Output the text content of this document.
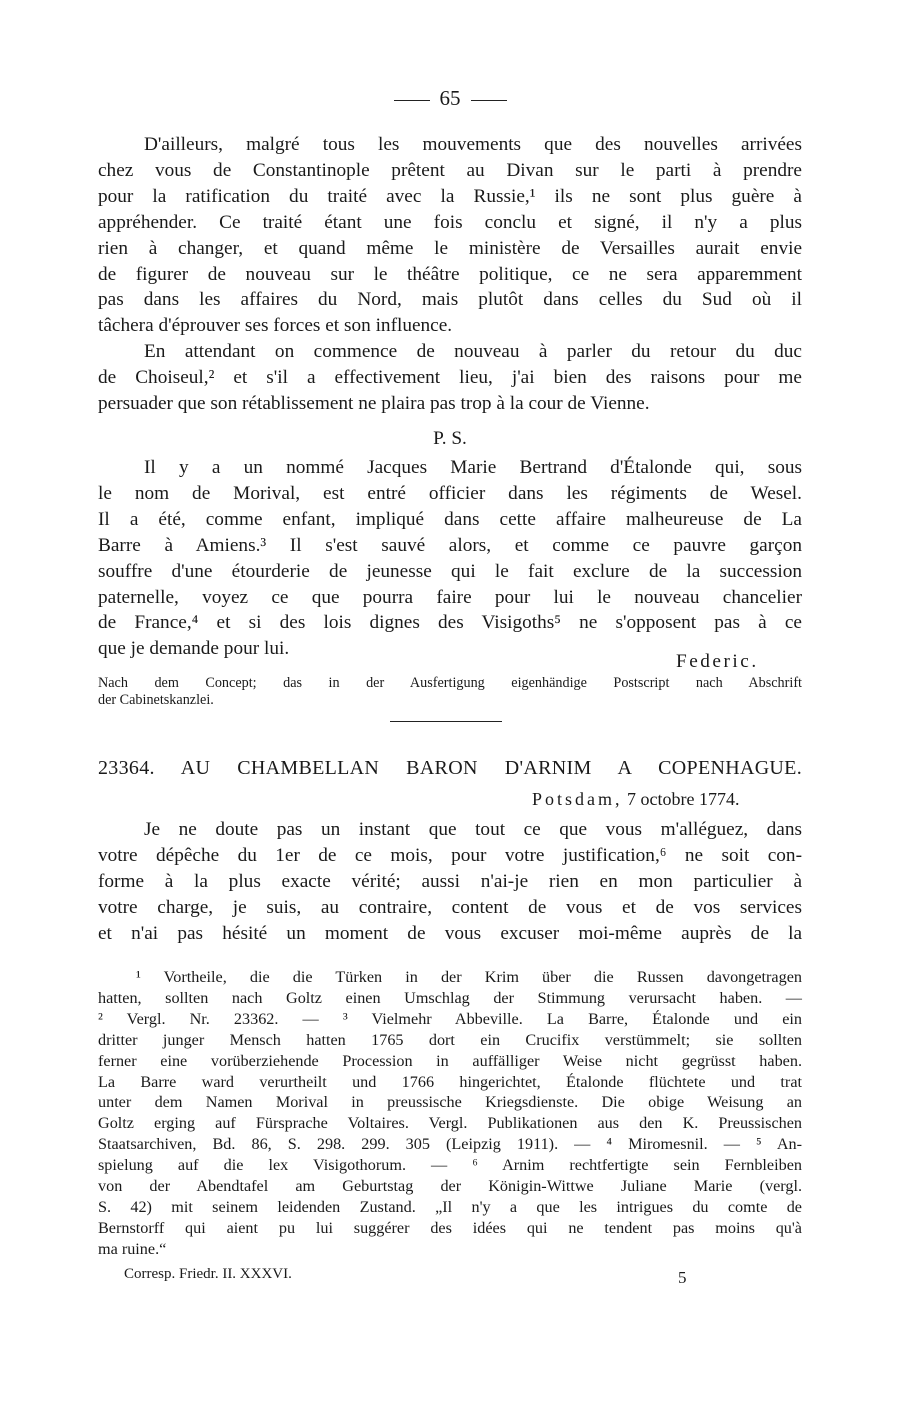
65
D'ailleurs, malgré tous les mouvements que des nouvelles arrivées
chez vous de Constantinople prêtent au Divan sur le parti à prendre
pour la ratification du traité avec la Russie,¹ ils ne sont plus guère à
appréhender. Ce traité étant une fois conclu et signé, il n'y a plus
rien à changer, et quand même le ministère de Versailles aurait envie
de figurer de nouveau sur le théâtre politique, ce ne sera apparemment
pas dans les affaires du Nord, mais plutôt dans celles du Sud où il
tâchera d'éprouver ses forces et son influence.
En attendant on commence de nouveau à parler du retour du duc
de Choiseul,² et s'il a effectivement lieu, j'ai bien des raisons pour me
persuader que son rétablissement ne plaira pas trop à la cour de Vienne.
P. S.
Il y a un nommé Jacques Marie Bertrand d'Étalonde qui, sous
le nom de Morival, est entré officier dans les régiments de Wesel.
Il a été, comme enfant, impliqué dans cette affaire malheureuse de La
Barre à Amiens.³ Il s'est sauvé alors, et comme ce pauvre garçon
souffre d'une étourderie de jeunesse qui le fait exclure de la succession
paternelle, voyez ce que pourra faire pour lui le nouveau chancelier
de France,⁴ et si des lois dignes des Visigoths⁵ ne s'opposent pas à ce
que je demande pour lui.
Federic.
Nach dem Concept; das in der Ausfertigung eigenhändige Postscript nach Abschrift
der Cabinetskanzlei.
23364. AU CHAMBELLAN BARON D'ARNIM A COPENHAGUE.
Potsdam, 7 octobre 1774.
Je ne doute pas un instant que tout ce que vous m'alléguez, dans
votre dépêche du 1er de ce mois, pour votre justification,⁶ ne soit con-
forme à la plus exacte vérité; aussi n'ai-je rien en mon particulier à
votre charge, je suis, au contraire, content de vous et de vos services
et n'ai pas hésité un moment de vous excuser moi-même auprès de la
¹ Vortheile, die die Türken in der Krim über die Russen davongetragen
hatten, sollten nach Goltz einen Umschlag der Stimmung verursacht haben. —
² Vergl. Nr. 23362. — ³ Vielmehr Abbeville. La Barre, Étalonde und ein
dritter junger Mensch hatten 1765 dort ein Crucifix verstümmelt; sie sollten
ferner eine vorüberziehende Procession in auffälliger Weise nicht gegrüsst haben.
La Barre ward verurtheilt und 1766 hingerichtet, Étalonde flüchtete und trat
unter dem Namen Morival in preussische Kriegsdienste. Die obige Weisung an
Goltz erging auf Fürsprache Voltaires. Vergl. Publikationen aus den K. Preussischen
Staatsarchiven, Bd. 86, S. 298. 299. 305 (Leipzig 1911). — ⁴ Miromesnil. — ⁵ An-
spielung auf die lex Visigothorum. — ⁶ Arnim rechtfertigte sein Fernbleiben
von der Abendtafel am Geburtstag der Königin-Wittwe Juliane Marie (vergl.
S. 42) mit seinem leidenden Zustand. „Il n'y a que les intrigues du comte de
Bernstorff qui aient pu lui suggérer des idées qui ne tendent pas moins qu'à
ma ruine.“
Corresp. Friedr. II. XXXVI.	5
